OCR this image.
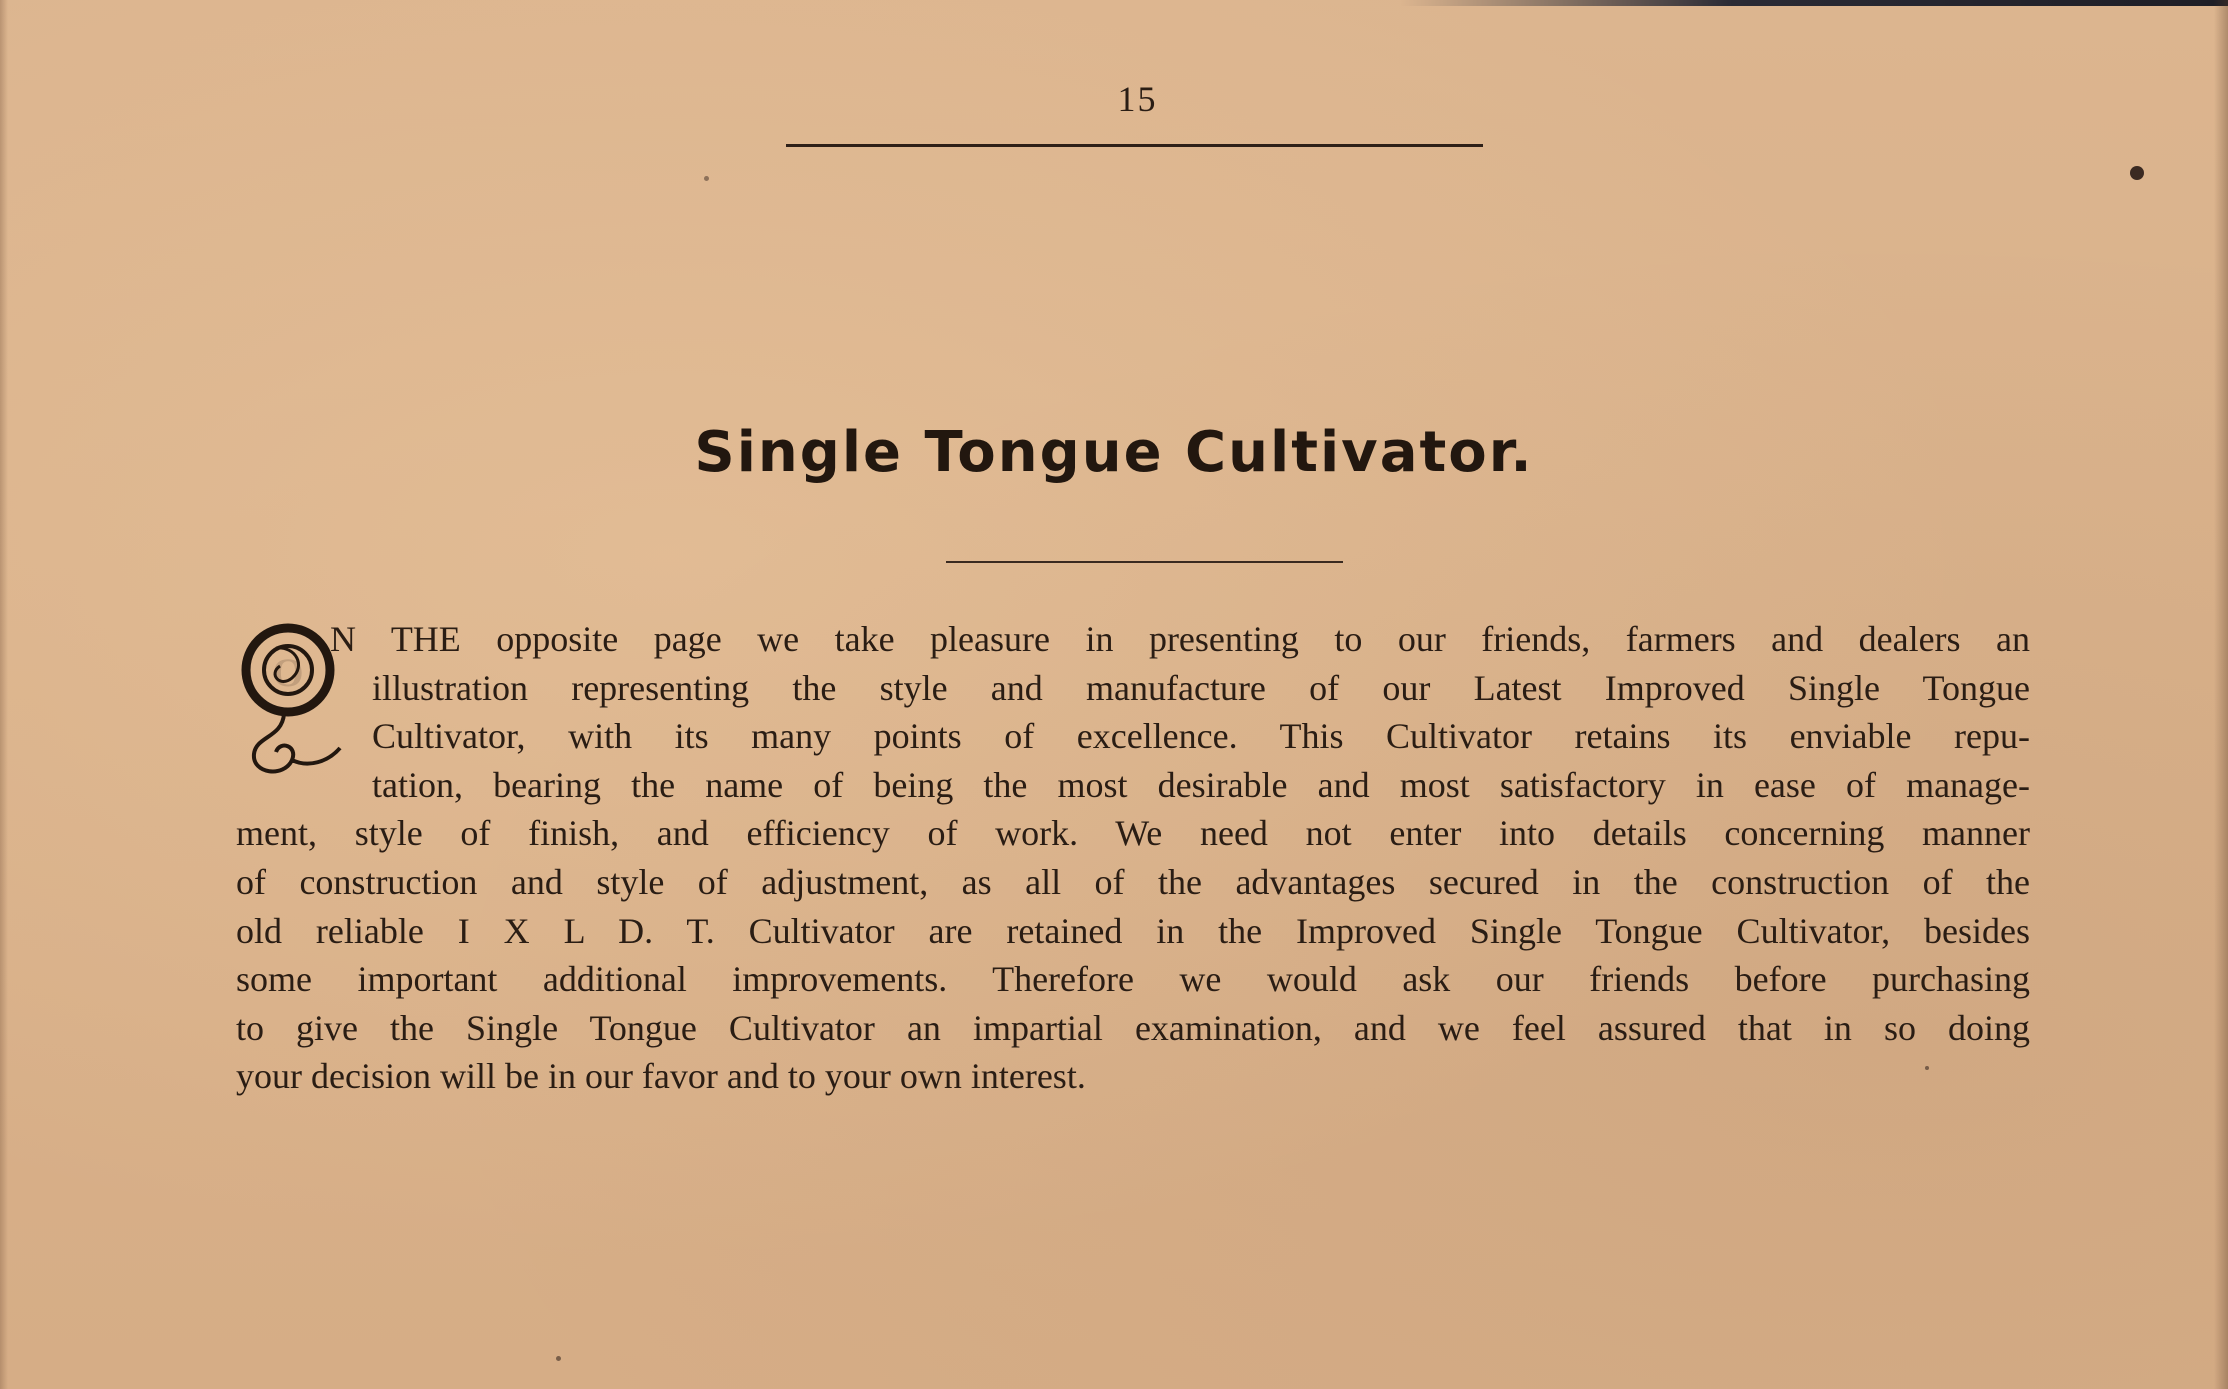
15
Single Tongue Cultivator.
O
N THE opposite page we take pleasure in presenting to our friends, farmers and dealers an
illustration representing the style and manufacture of our Latest Improved Single Tongue
Cultivator, with its many points of excellence. This Cultivator retains its enviable repu-
tation, bearing the name of being the most desirable and most satisfactory in ease of manage-
ment, style of finish, and efficiency of work. We need not enter into details concerning manner
of construction and style of adjustment, as all of the advantages secured in the construction of the
old reliable I X L D. T. Cultivator are retained in the Improved Single Tongue Cultivator, besides
some important additional improvements. Therefore we would ask our friends before purchasing
to give the Single Tongue Cultivator an impartial examination, and we feel assured that in so doing
your decision will be in our favor and to your own interest.
